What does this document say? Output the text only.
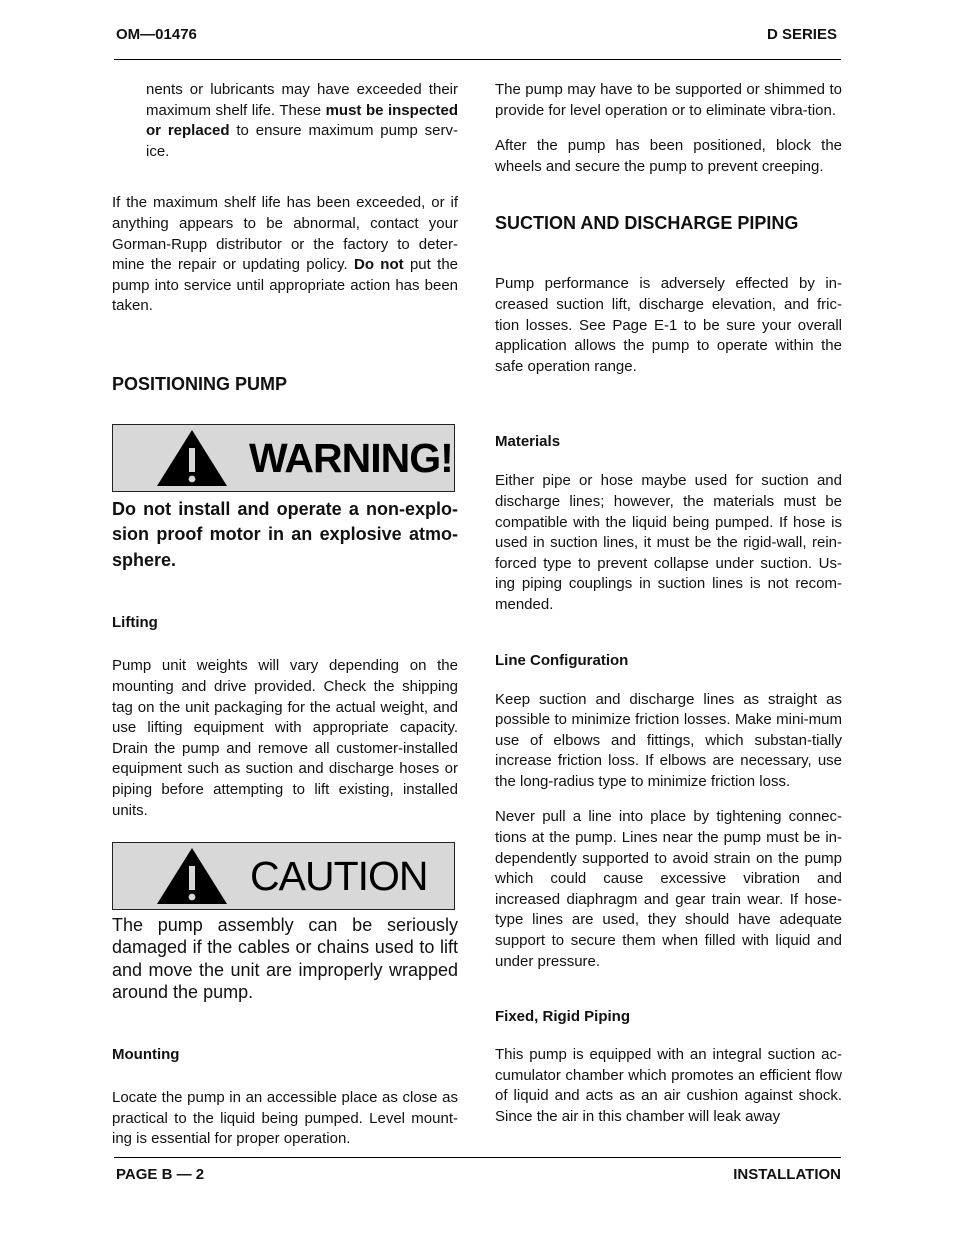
OM—01476	D SERIES

nents or lubricants may have exceeded their maximum shelf life. These must be inspected or replaced to ensure maximum pump serv-ice.

If the maximum shelf life has been exceeded, or if anything appears to be abnormal, contact your Gorman-Rupp distributor or the factory to deter-mine the repair or updating policy. Do not put the pump into service until appropriate action has been taken.

POSITIONING PUMP
WARNING!

Do not install and operate a non-explo-sion proof motor in an explosive atmo-sphere.

Lifting

Pump unit weights will vary depending on the mounting and drive provided. Check the shipping tag on the unit packaging for the actual weight, and use lifting equipment with appropriate capacity. Drain the pump and remove all customer-installed equipment such as suction and discharge hoses or piping before attempting to lift existing, installed units.

CAUTION

The pump assembly can be seriously damaged if the cables or chains used to lift and move the unit are improperly wrapped around the pump.

Mounting

Locate the pump in an accessible place as close as practical to the liquid being pumped. Level mount-ing is essential for proper operation.

The pump may have to be supported or shimmed to provide for level operation or to eliminate vibra-tion.

After the pump has been positioned, block the wheels and secure the pump to prevent creeping.

SUCTION AND DISCHARGE PIPING

Pump performance is adversely effected by in-creased suction lift, discharge elevation, and fric-tion losses. See Page E-1 to be sure your overall application allows the pump to operate within the safe operation range.

Materials

Either pipe or hose maybe used for suction and discharge lines; however, the materials must be compatible with the liquid being pumped. If hose is used in suction lines, it must be the rigid-wall, rein-forced type to prevent collapse under suction. Us-ing piping couplings in suction lines is not recom-mended.

Line Configuration

Keep suction and discharge lines as straight as possible to minimize friction losses. Make mini-mum use of elbows and fittings, which substan-tially increase friction loss. If elbows are necessary, use the long-radius type to minimize friction loss.

Never pull a line into place by tightening connec-tions at the pump. Lines near the pump must be in-dependently supported to avoid strain on the pump which could cause excessive vibration and increased diaphragm and gear train wear. If hose-type lines are used, they should have adequate support to secure them when filled with liquid and under pressure.

Fixed, Rigid Piping

This pump is equipped with an integral suction ac-cumulator chamber which promotes an efficient flow of liquid and acts as an air cushion against shock. Since the air in this chamber will leak away

PAGE B — 2	INSTALLATION
